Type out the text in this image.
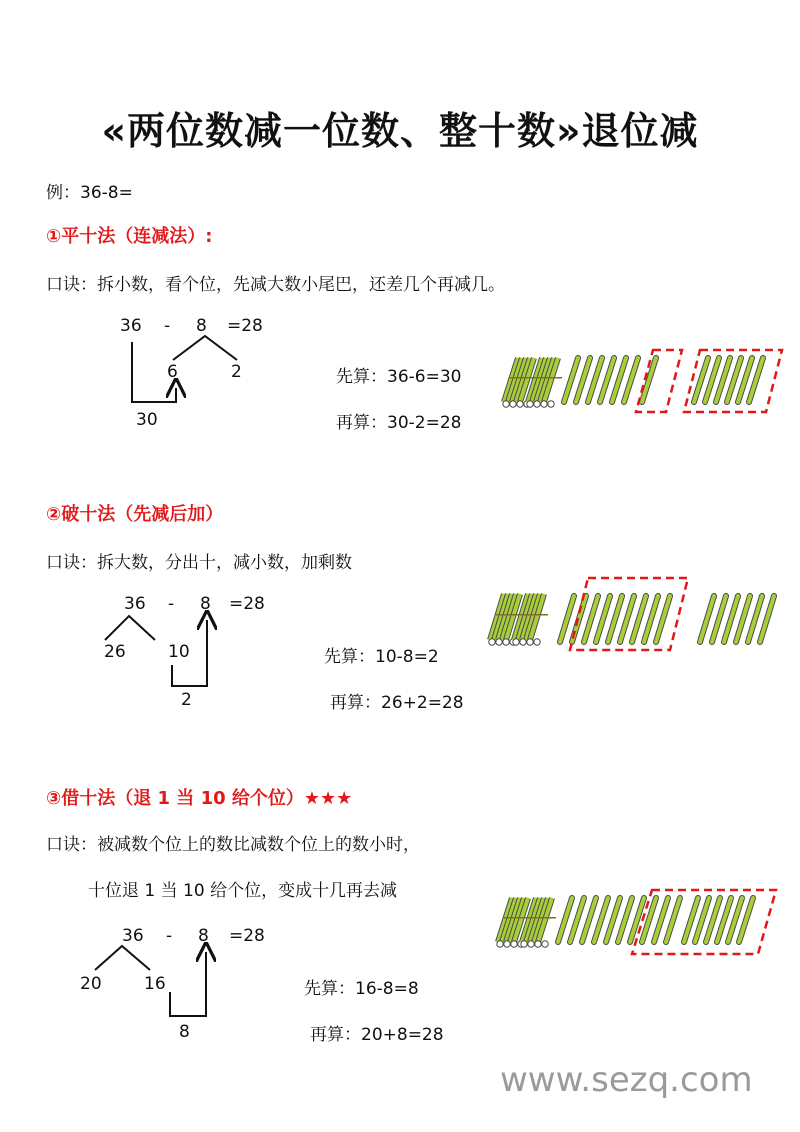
«两位数减一位数、整十数»退位减
例：36-8=
①平十法（连减法）:
口诀：拆小数，看个位，先减大数小尾巴，还差几个再减几。
36 - 8 =28
6	2
30
先算：36-6=30
再算：30-2=28
②破十法（先减后加）
口诀：拆大数，分出十，减小数，加剩数
36 - 8 =28
26 10
2
先算：10-8=2
再算：26+2=28
③借十法（退 1 当 10 给个位）★★★
口诀：被减数个位上的数比减数个位上的数小时，
十位退 1 当 10 给个位，变成十几再去减
36 - 8 =28
20 16
8
先算：16-8=8
再算：20+8=28
www.sezq.com
